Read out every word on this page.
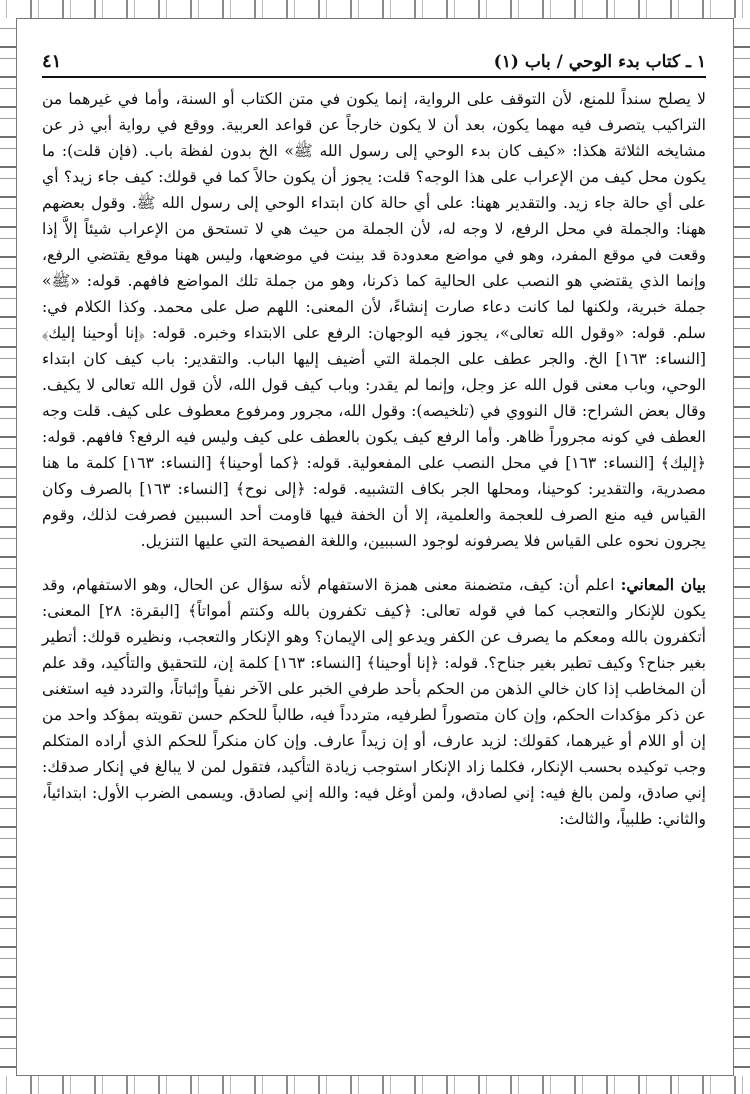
١ ـ كتاب بدء الوحي / باب (١)
٤١

لا يصلح سنداً للمنع، لأن التوقف على الرواية، إنما يكون في متن الكتاب أو السنة، وأما في غيرهما من التراكيب يتصرف فيه مهما يكون، بعد أن لا يكون خارجاً عن قواعد العربية. ووقع في رواية أبي ذر عن مشايخه الثلاثة هكذا: «كيف كان بدء الوحي إلى رسول الله ﷺ» الخ بدون لفظة باب. (فإن قلت): ما يكون محل كيف من الإعراب على هذا الوجه؟ قلت: يجوز أن يكون حالاً كما في قولك: كيف جاء زيد؟ أي على أي حالة جاء زيد. والتقدير ههنا: على أي حالة كان ابتداء الوحي إلى رسول الله ﷺ. وقول بعضهم ههنا: والجملة في محل الرفع، لا وجه له، لأن الجملة من حيث هي لا تستحق من الإعراب شيئاً إلاَّ إذا وقعت في موقع المفرد، وهو في مواضع معدودة قد بينت في موضعها، وليس ههنا موقع يقتضي الرفع، وإنما الذي يقتضي هو النصب على الحالية كما ذكرنا، وهو من جملة تلك المواضع فافهم. قوله: «ﷺ» جملة خبرية، ولكنها لما كانت دعاء صارت إنشاءً، لأن المعنى: اللهم صل على محمد. وكذا الكلام في: سلم. قوله: «وقول الله تعالى»، يجوز فيه الوجهان: الرفع على الابتداء وخبره. قوله: ﴿إنا أوحينا إليك﴾ [النساء: ١٦٣] الخ. والجر عطف على الجملة التي أضيف إليها الباب. والتقدير: باب كيف كان ابتداء الوحي، وباب معنى قول الله عز وجل، وإنما لم يقدر: وباب كيف قول الله، لأن قول الله تعالى لا يكيف. وقال بعض الشراح: قال النووي في (تلخيصه): وقول الله، مجرور ومرفوع معطوف على كيف. قلت وجه العطف في كونه مجروراً ظاهر. وأما الرفع كيف يكون بالعطف على كيف وليس فيه الرفع؟ فافهم. قوله: ﴿إليك﴾ [النساء: ١٦٣] في محل النصب على المفعولية. قوله: ﴿كما أوحينا﴾ [النساء: ١٦٣] كلمة ما هنا مصدرية، والتقدير: كوحينا، ومحلها الجر بكاف التشبيه. قوله: ﴿إلى نوح﴾ [النساء: ١٦٣] بالصرف وكان القياس فيه منع الصرف للعجمة والعلمية، إلا أن الخفة فيها قاومت أحد السببين فصرفت لذلك، وقوم يجرون نحوه على القياس فلا يصرفونه لوجود السببين، واللغة الفصيحة التي عليها التنزيل.

بيان المعاني: اعلم أن: كيف، متضمنة معنى همزة الاستفهام لأنه سؤال عن الحال، وهو الاستفهام، وقد يكون للإنكار والتعجب كما في قوله تعالى: ﴿كيف تكفرون بالله وكنتم أمواتاً﴾ [البقرة: ٢٨] المعنى: أتكفرون بالله ومعكم ما يصرف عن الكفر ويدعو إلى الإيمان؟ وهو الإنكار والتعجب، ونظيره قولك: أتطير بغير جناح؟ وكيف تطير بغير جناح؟. قوله: ﴿إنا أوحينا﴾ [النساء: ١٦٣] كلمة إن، للتحقيق والتأكيد، وقد علم أن المخاطب إذا كان خالي الذهن من الحكم بأحد طرفي الخبر على الآخر نفياً وإثباتاً، والتردد فيه استغنى عن ذكر مؤكدات الحكم، وإن كان متصوراً لطرفيه، متردداً فيه، طالباً للحكم حسن تقويته بمؤكد واحد من إن أو اللام أو غيرهما، كقولك: لزيد عارف، أو إن زيداً عارف. وإن كان منكراً للحكم الذي أراده المتكلم وجب توكيده بحسب الإنكار، فكلما زاد الإنكار استوجب زيادة التأكيد، فتقول لمن لا يبالغ في إنكار صدقك: إني صادق، ولمن بالغ فيه: إني لصادق، ولمن أوغل فيه: والله إني لصادق. ويسمى الضرب الأول: ابتدائياً، والثاني: طلبياً، والثالث:
